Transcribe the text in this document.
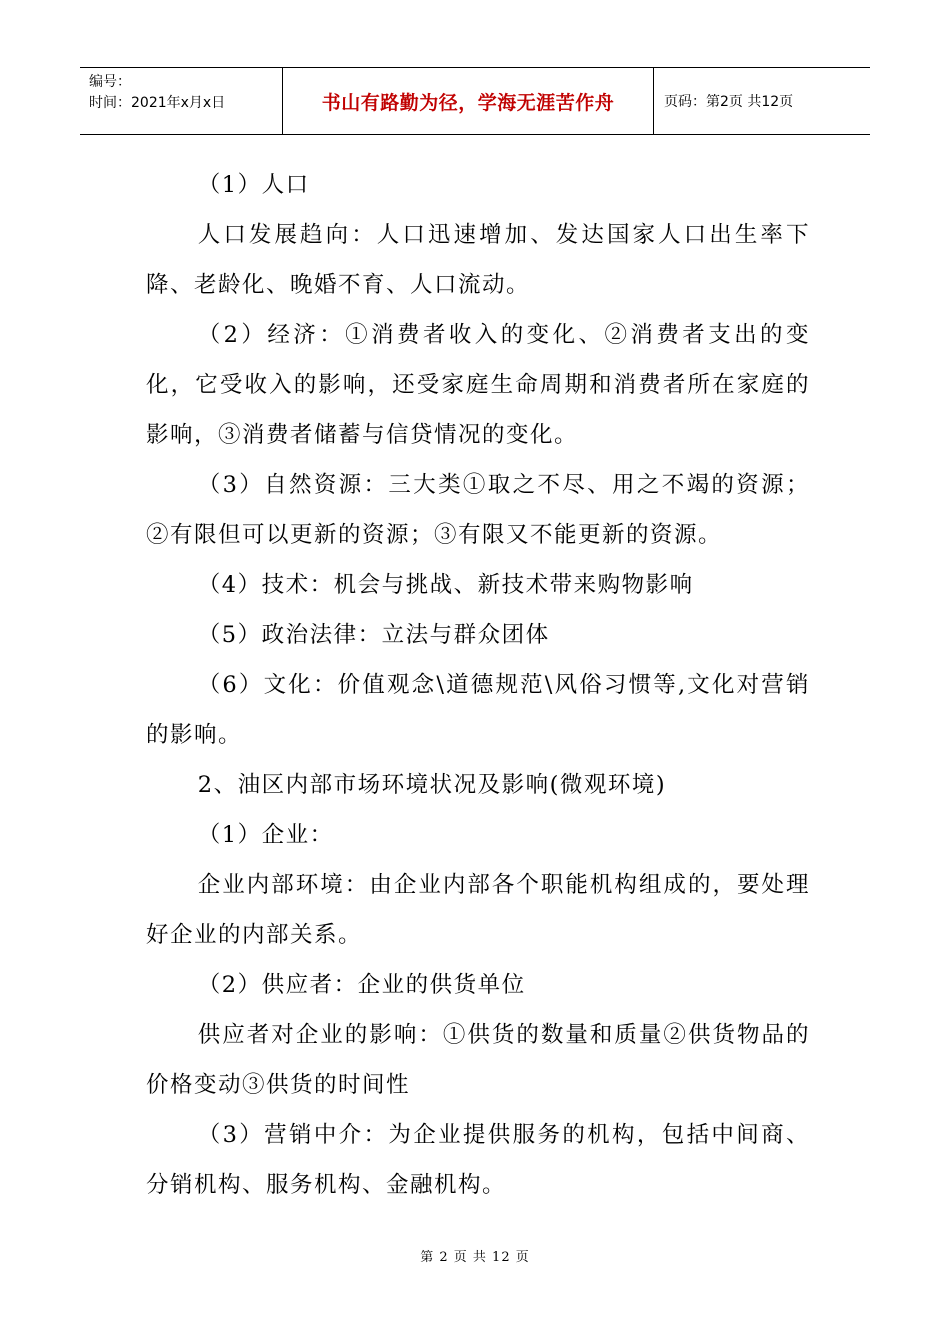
编号：
时间：2021年x月x日	书山有路勤为径，学海无涯苦作舟	页码：第2页 共12页

（1）人口

人口发展趋向：人口迅速增加、发达国家人口出生率下降、老龄化、晚婚不育、人口流动。

（2）经济：①消费者收入的变化、②消费者支出的变化，它受收入的影响，还受家庭生命周期和消费者所在家庭的影响，③消费者储蓄与信贷情况的变化。

（3）自然资源：三大类①取之不尽、用之不竭的资源；②有限但可以更新的资源；③有限又不能更新的资源。

（4）技术：机会与挑战、新技术带来购物影响

（5）政治法律：立法与群众团体

（6）文化：价值观念\道德规范\风俗习惯等,文化对营销的影响。

2、油区内部市场环境状况及影响(微观环境)

（1）企业：

企业内部环境：由企业内部各个职能机构组成的，要处理好企业的内部关系。

（2）供应者：企业的供货单位

供应者对企业的影响：①供货的数量和质量②供货物品的价格变动③供货的时间性

（3）营销中介：为企业提供服务的机构，包括中间商、分销机构、服务机构、金融机构。

第 2 页 共 12 页
